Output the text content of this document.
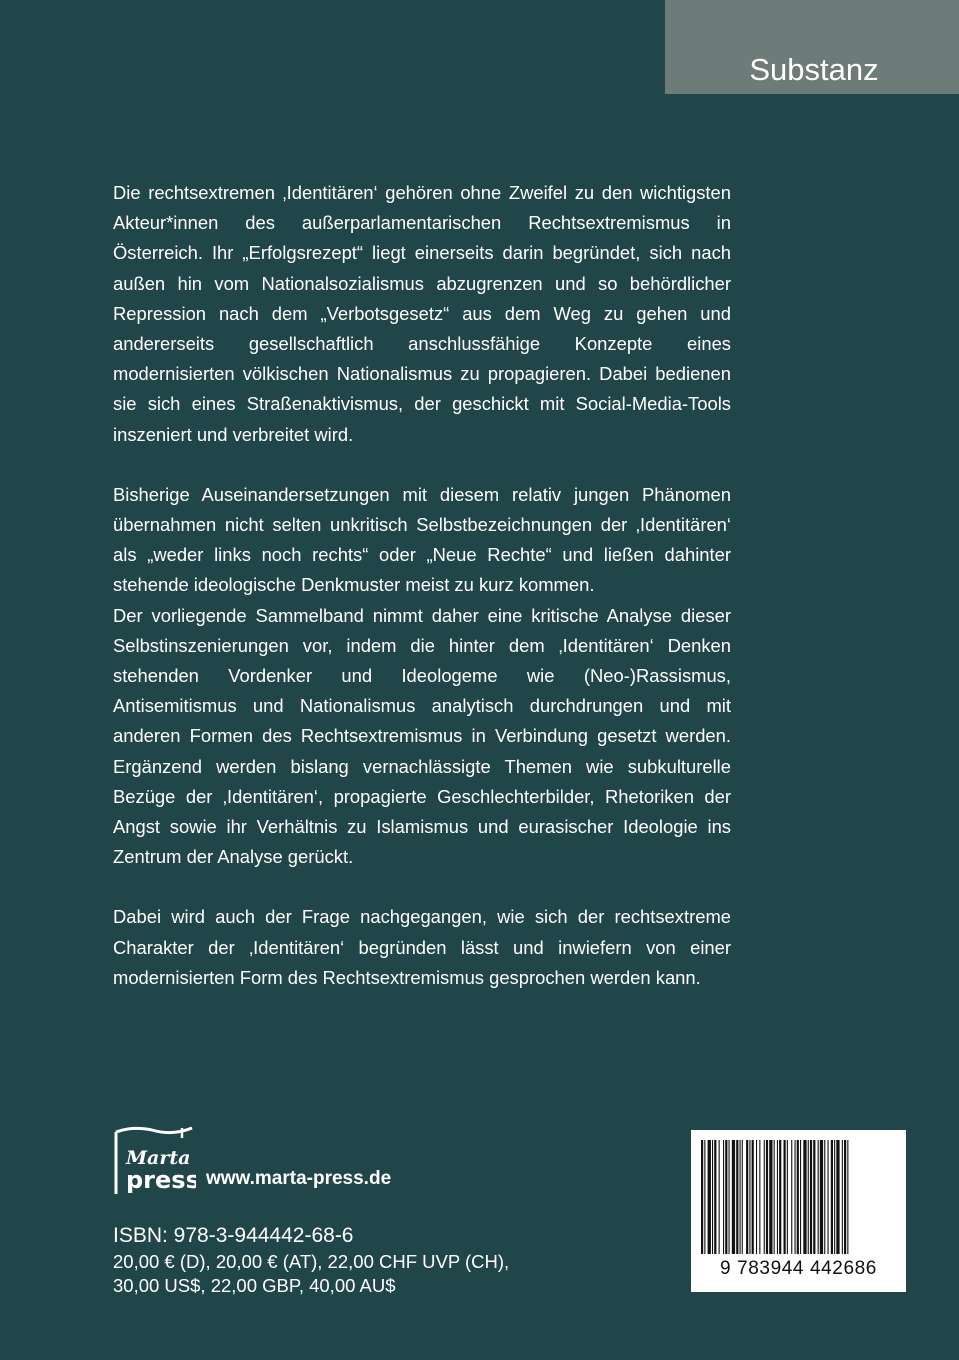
Substanz

Die rechtsextremen ‚Identitären‘ gehören ohne Zweifel zu den wichtigsten Akteur*innen des außerparlamentarischen Rechtsextremismus in Österreich. Ihr „Erfolgsrezept“ liegt einerseits darin begründet, sich nach außen hin vom Nationalsozialismus abzugrenzen und so behördlicher Repression nach dem „Verbotsgesetz“ aus dem Weg zu gehen und andererseits gesellschaftlich anschlussfähige Konzepte eines modernisierten völkischen Nationalismus zu propagieren. Dabei bedienen sie sich eines Straßenaktivismus, der geschickt mit Social-Media-Tools inszeniert und verbreitet wird.

Bisherige Auseinandersetzungen mit diesem relativ jungen Phänomen übernahmen nicht selten unkritisch Selbstbezeichnungen der ‚Identitären‘ als „weder links noch rechts“ oder „Neue Rechte“ und ließen dahinter stehende ideologische Denkmuster meist zu kurz kommen.

Der vorliegende Sammelband nimmt daher eine kritische Analyse dieser Selbstinszenierungen vor, indem die hinter dem ‚Identitären‘ Denken stehenden Vordenker und Ideologeme wie (Neo-)Rassismus, Antisemitismus und Nationalismus analytisch durchdrungen und mit anderen Formen des Rechtsextremismus in Verbindung gesetzt werden. Ergänzend werden bislang vernachlässigte Themen wie subkulturelle Bezüge der ‚Identitären‘, propagierte Geschlechterbilder, Rhetoriken der Angst sowie ihr Verhältnis zu Islamismus und eurasischer Ideologie ins Zentrum der Analyse gerückt.

Dabei wird auch der Frage nachgegangen, wie sich der rechtsextreme Charakter der ‚Identitären‘ begründen lässt und inwiefern von einer modernisierten Form des Rechtsextremismus gesprochen werden kann.

Marta
press www.marta-press.de
ISBN: 978-3-944442-68-6
20,00 € (D), 20,00 € (AT), 22,00 CHF UVP (CH),
30,00 US$, 22,00 GBP, 40,00 AU$
9 783944 442686
